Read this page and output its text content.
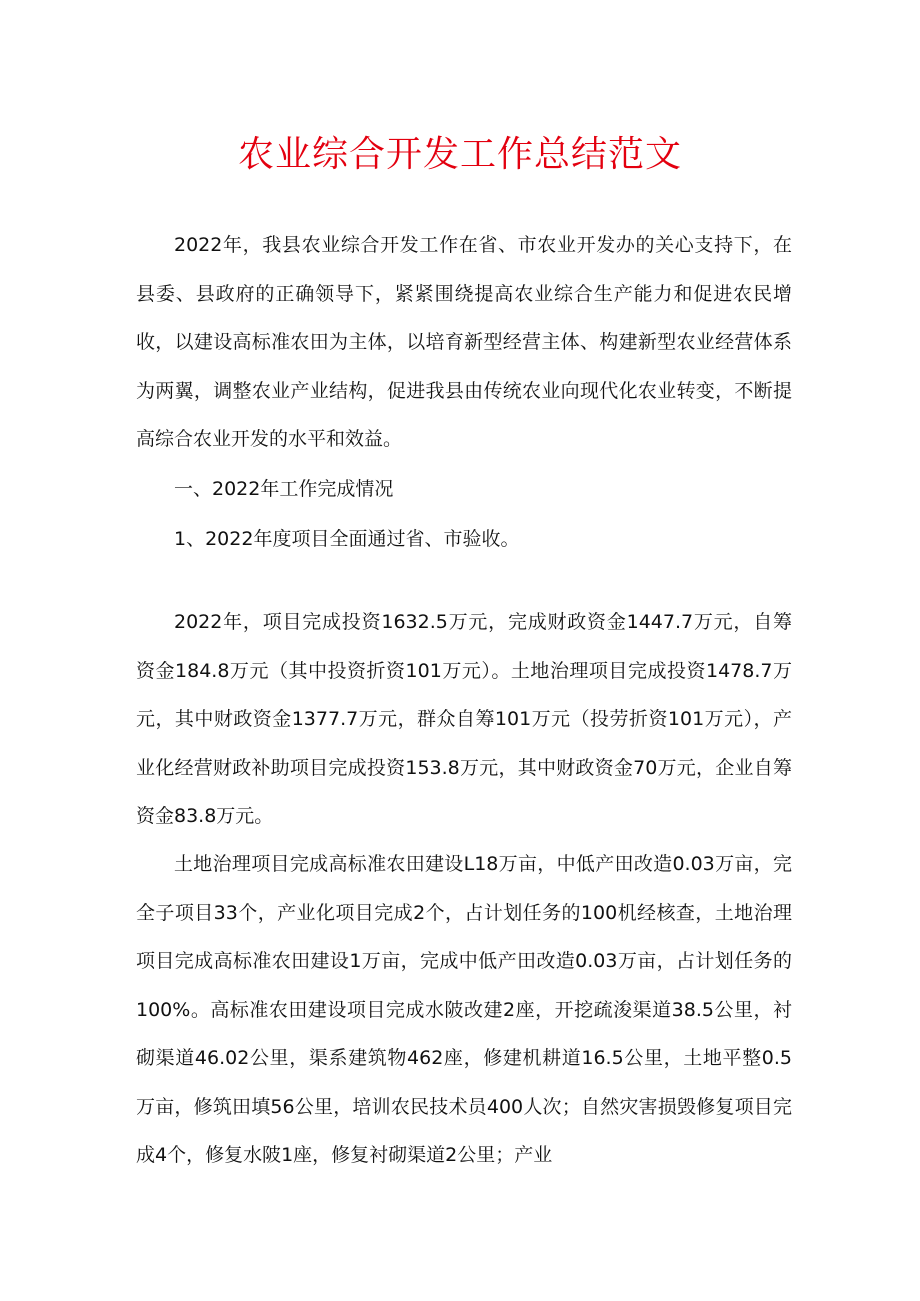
农业综合开发工作总结范文

2022年，我县农业综合开发工作在省、市农业开发办的关心支持下，在县委、县政府的正确领导下，紧紧围绕提高农业综合生产能力和促进农民增收，以建设高标准农田为主体，以培育新型经营主体、构建新型农业经营体系为两翼，调整农业产业结构，促进我县由传统农业向现代化农业转变，不断提高综合农业开发的水平和效益。

一、2022年工作完成情况

1、2022年度项目全面通过省、市验收。

2022年，项目完成投资1632.5万元，完成财政资金1447.7万元，自筹资金184.8万元（其中投资折资101万元）。土地治理项目完成投资1478.7万元，其中财政资金1377.7万元，群众自筹101万元（投劳折资101万元），产业化经营财政补助项目完成投资153.8万元，其中财政资金70万元，企业自筹资金83.8万元。

土地治理项目完成高标准农田建设L18万亩，中低产田改造0.03万亩，完全子项目33个，产业化项目完成2个，占计划任务的100机经核查，土地治理项目完成高标准农田建设1万亩，完成中低产田改造0.03万亩，占计划任务的100%。高标准农田建设项目完成水陂改建2座，开挖疏浚渠道38.5公里，衬砌渠道46.02公里，渠系建筑物462座，修建机耕道16.5公里，土地平整0.5万亩，修筑田填56公里，培训农民技术员400人次；自然灾害损毁修复项目完成4个，修复水陂1座，修复衬砌渠道2公里；产业
